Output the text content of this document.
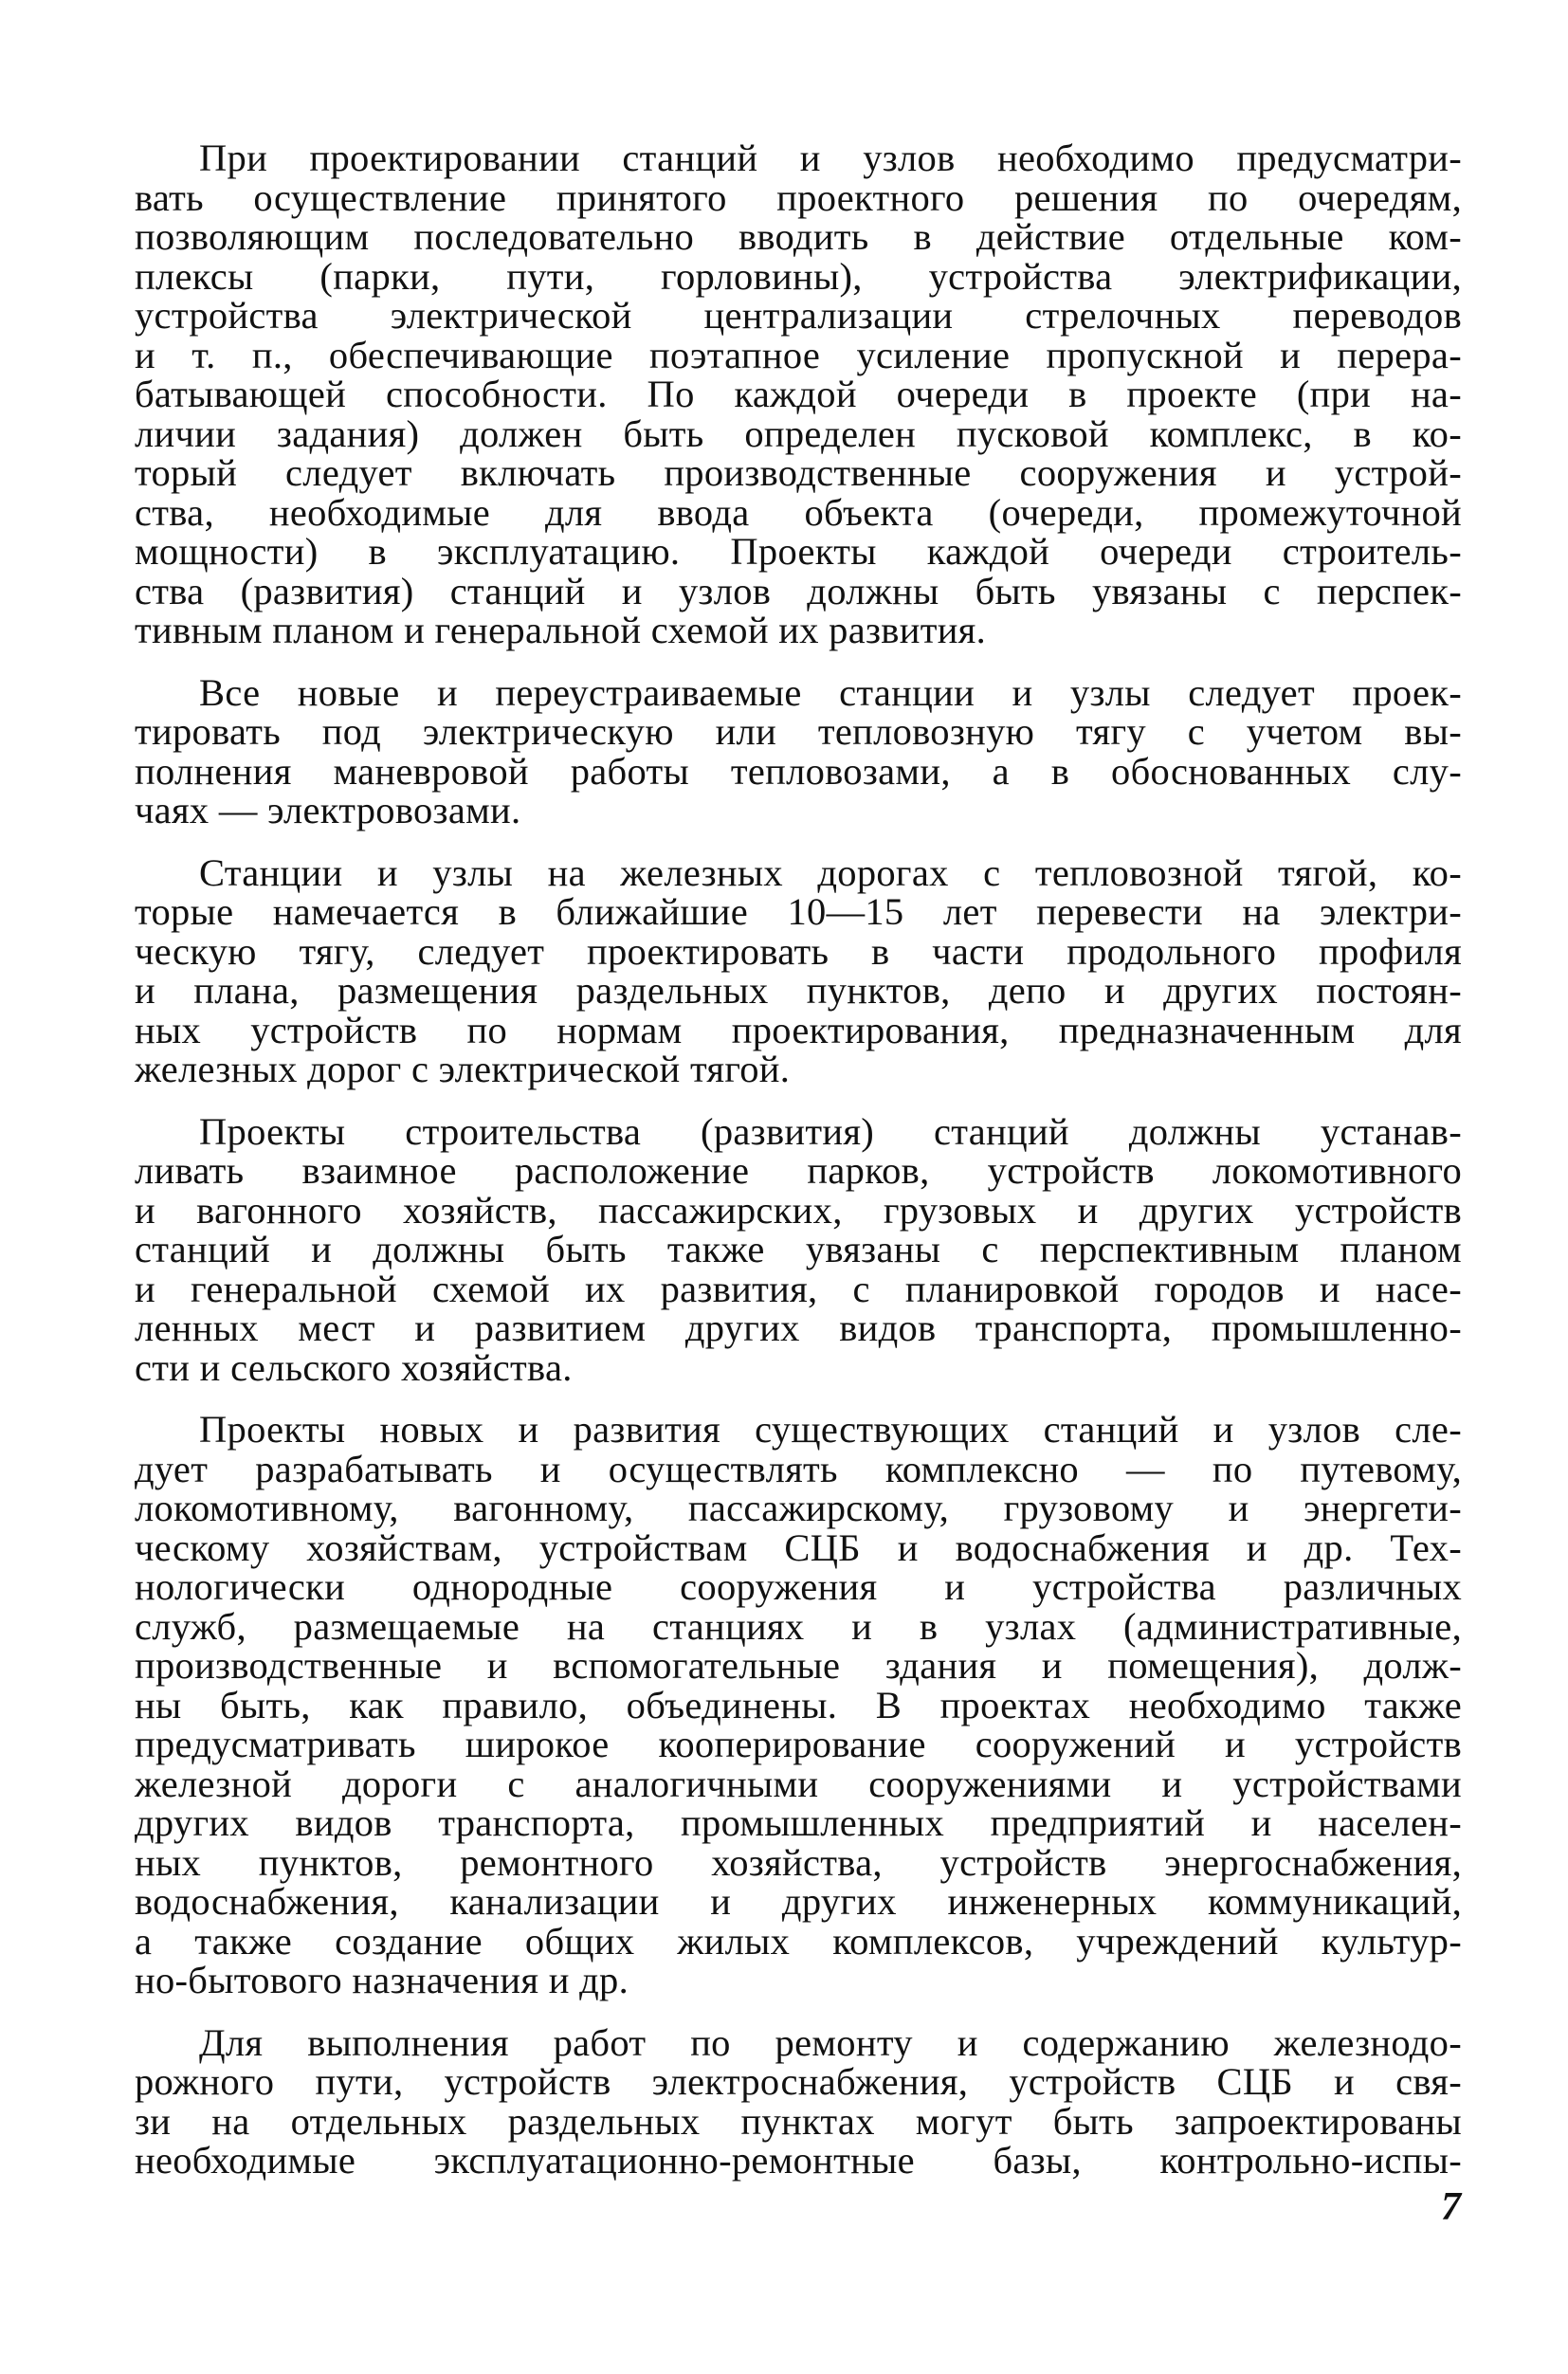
При проектировании станций и узлов необходимо предусматри-
вать осуществление принятого проектного решения по очередям,
позволяющим последовательно вводить в действие отдельные ком-
плексы (парки, пути, горловины), устройства электрификации,
устройства электрической централизации стрелочных переводов
и т. п., обеспечивающие поэтапное усиление пропускной и перера-
батывающей способности. По каждой очереди в проекте (при на-
личии задания) должен быть определен пусковой комплекс, в ко-
торый следует включать производственные сооружения и устрой-
ства, необходимые для ввода объекта (очереди, промежуточной
мощности) в эксплуатацию. Проекты каждой очереди строитель-
ства (развития) станций и узлов должны быть увязаны с перспек-
тивным планом и генеральной схемой их развития.
Все новые и переустраиваемые станции и узлы следует проек-
тировать под электрическую или тепловозную тягу с учетом вы-
полнения маневровой работы тепловозами, а в обоснованных слу-
чаях — электровозами.
Станции и узлы на железных дорогах с тепловозной тягой, ко-
торые намечается в ближайшие 10—15 лет перевести на электри-
ческую тягу, следует проектировать в части продольного профиля
и плана, размещения раздельных пунктов, депо и других постоян-
ных устройств по нормам проектирования, предназначенным для
железных дорог с электрической тягой.
Проекты строительства (развития) станций должны устанав-
ливать взаимное расположение парков, устройств локомотивного
и вагонного хозяйств, пассажирских, грузовых и других устройств
станций и должны быть также увязаны с перспективным планом
и генеральной схемой их развития, с планировкой городов и насе-
ленных мест и развитием других видов транспорта, промышленно-
сти и сельского хозяйства.
Проекты новых и развития существующих станций и узлов сле-
дует разрабатывать и осуществлять комплексно — по путевому,
локомотивному, вагонному, пассажирскому, грузовому и энергети-
ческому хозяйствам, устройствам СЦБ и водоснабжения и др. Тех-
нологически однородные сооружения и устройства различных
служб, размещаемые на станциях и в узлах (административные,
производственные и вспомогательные здания и помещения), долж-
ны быть, как правило, объединены. В проектах необходимо также
предусматривать широкое кооперирование сооружений и устройств
железной дороги с аналогичными сооружениями и устройствами
других видов транспорта, промышленных предприятий и населен-
ных пунктов, ремонтного хозяйства, устройств энергоснабжения,
водоснабжения, канализации и других инженерных коммуникаций,
а также создание общих жилых комплексов, учреждений культур-
но-бытового назначения и др.
Для выполнения работ по ремонту и содержанию железнодо-
рожного пути, устройств электроснабжения, устройств СЦБ и свя-
зи на отдельных раздельных пунктах могут быть запроектированы
необходимые эксплуатационно-ремонтные базы, контрольно-испы-
7
